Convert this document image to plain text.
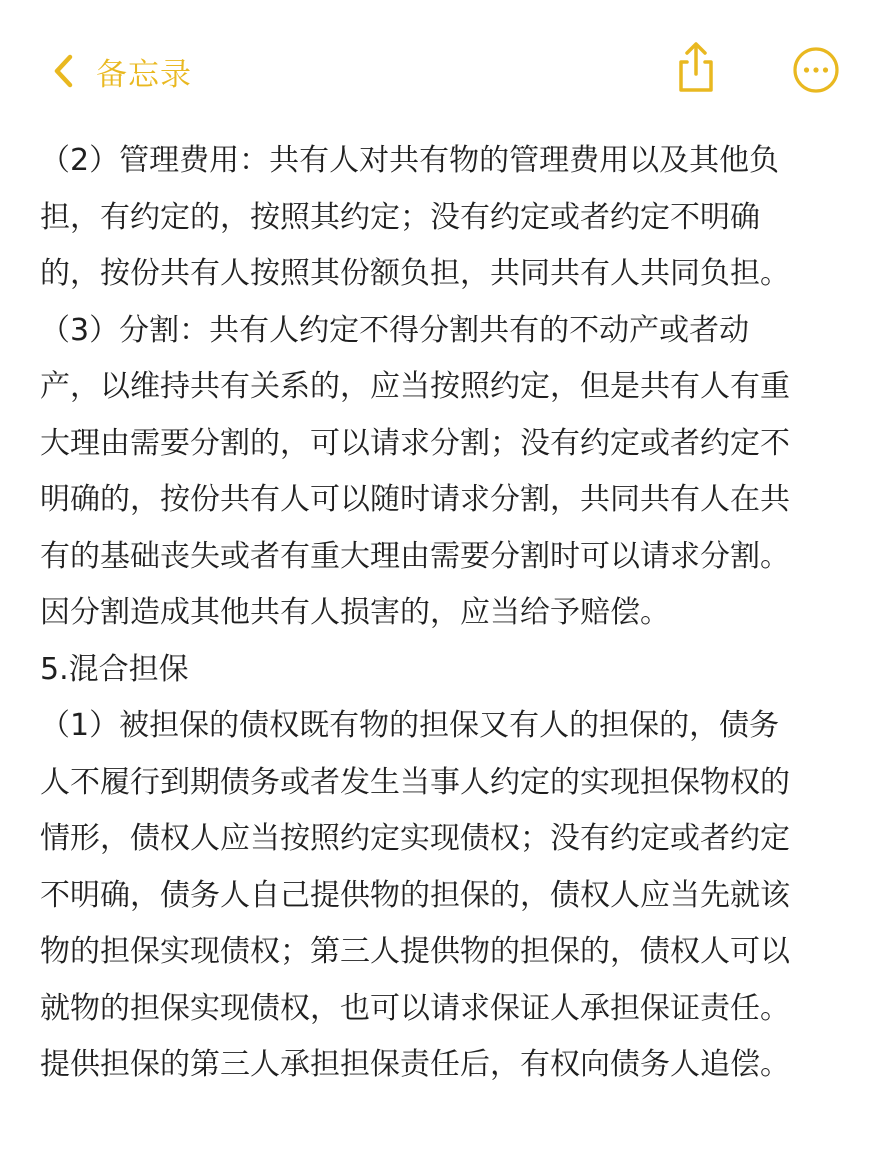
备忘录
（2）管理费用：共有人对共有物的管理费用以及其他负
担，有约定的，按照其约定；没有约定或者约定不明确
的，按份共有人按照其份额负担，共同共有人共同负担。
（3）分割：共有人约定不得分割共有的不动产或者动
产，以维持共有关系的，应当按照约定，但是共有人有重
大理由需要分割的，可以请求分割；没有约定或者约定不
明确的，按份共有人可以随时请求分割，共同共有人在共
有的基础丧失或者有重大理由需要分割时可以请求分割。
因分割造成其他共有人损害的，应当给予赔偿。
5.混合担保
（1）被担保的债权既有物的担保又有人的担保的，债务
人不履行到期债务或者发生当事人约定的实现担保物权的
情形，债权人应当按照约定实现债权；没有约定或者约定
不明确，债务人自己提供物的担保的，债权人应当先就该
物的担保实现债权；第三人提供物的担保的，债权人可以
就物的担保实现债权，也可以请求保证人承担保证责任。
提供担保的第三人承担担保责任后，有权向债务人追偿。
